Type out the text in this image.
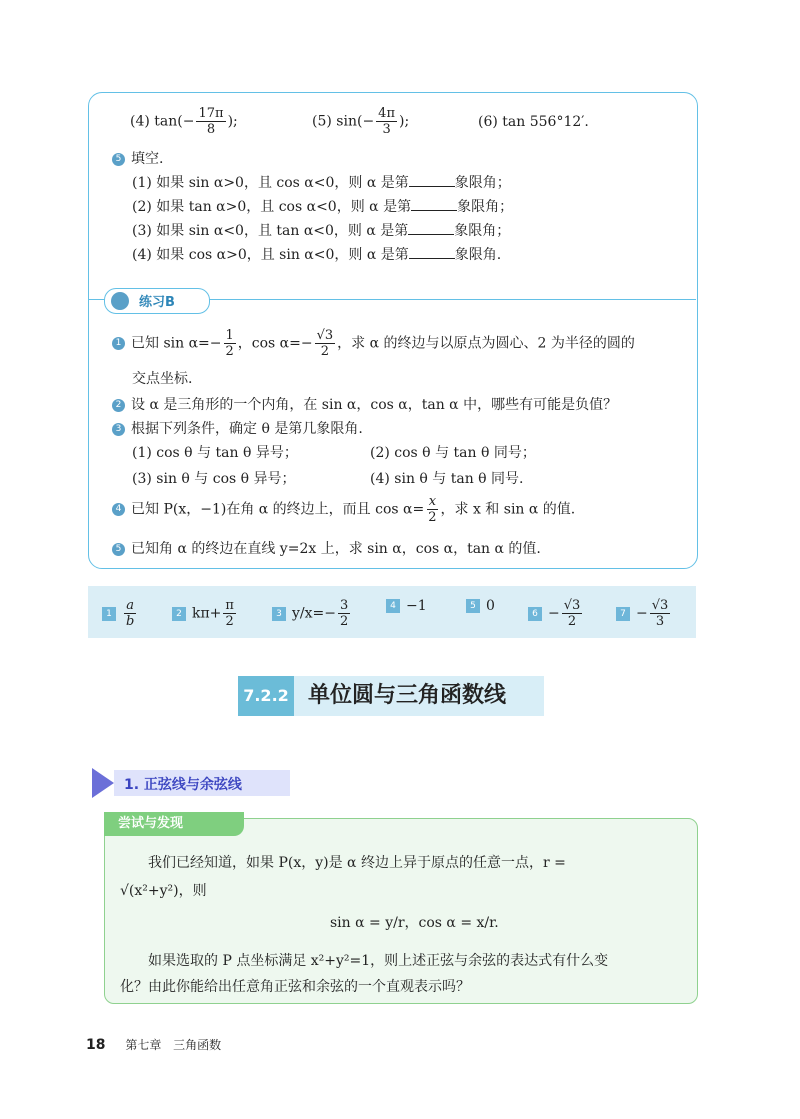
(4) $\tan(- \frac{17\pi}{8}$ );	(5) $\sin(- \frac{4\pi}{3}$ );	(6) tan 556°12′.
5 填空.
(1) 如果 sin α>0，且 cos α<0，则 α 是第	象限角；
(2) 如果 tan α>0，且 cos α<0，则 α 是第	象限角；
(3) 如果 sin α<0，且 tan α<0，则 α 是第	象限角；
(4) 如果 cos α>0，且 sin α<0，则 α 是第	象限角.
练习B
1 已知 $\sin \alpha=- \frac{1}{2}$ ，$\cos \alpha=- \frac{√3}{2}$ ，求 α 的终边与以原点为圆心、2 为半径的圆的
交点坐标.
2 设 α 是三角形的一个内角，在 sin α，cos α，tan α 中，哪些有可能是负值？
3 根据下列条件，确定 θ 是第几象限角.
(1) cos θ 与 tan θ 异号；	(2) cos θ 与 tan θ 同号；
(3) sin θ 与 cos θ 异号；	(4) sin θ 与 tan θ 同号.
4 已知 P(x，−1)在角 α 的终边上，而且 $\cos \alpha= \frac{x}{2}$ ，求 x 和 sin α 的值.
5 已知角 α 的终边在直线 y=2x 上，求 sin α，cos α，tan α 的值.
$1 \frac{a}{b}$	2 $k\pi+ \frac{\pi}{2}$	3 $y/x=- \frac{3}{2}$	4 −1	5 0	$6 - \frac{√3}{2}$	$7 - \frac{√3}{3}$
7.2.2 单位圆与三角函数线
1. 正弦线与余弦线
尝试与发现
我们已经知道，如果 P(x，y)是 α 终边上异于原点的任意一点，r =
√(x²+y²)，则
sin α = y/r，cos α = x/r.
如果选取的 P 点坐标满足 x²+y²=1，则上述正弦与余弦的表达式有什么变
化？由此你能给出任意角正弦和余弦的一个直观表示吗？
18 第七章 三角函数
